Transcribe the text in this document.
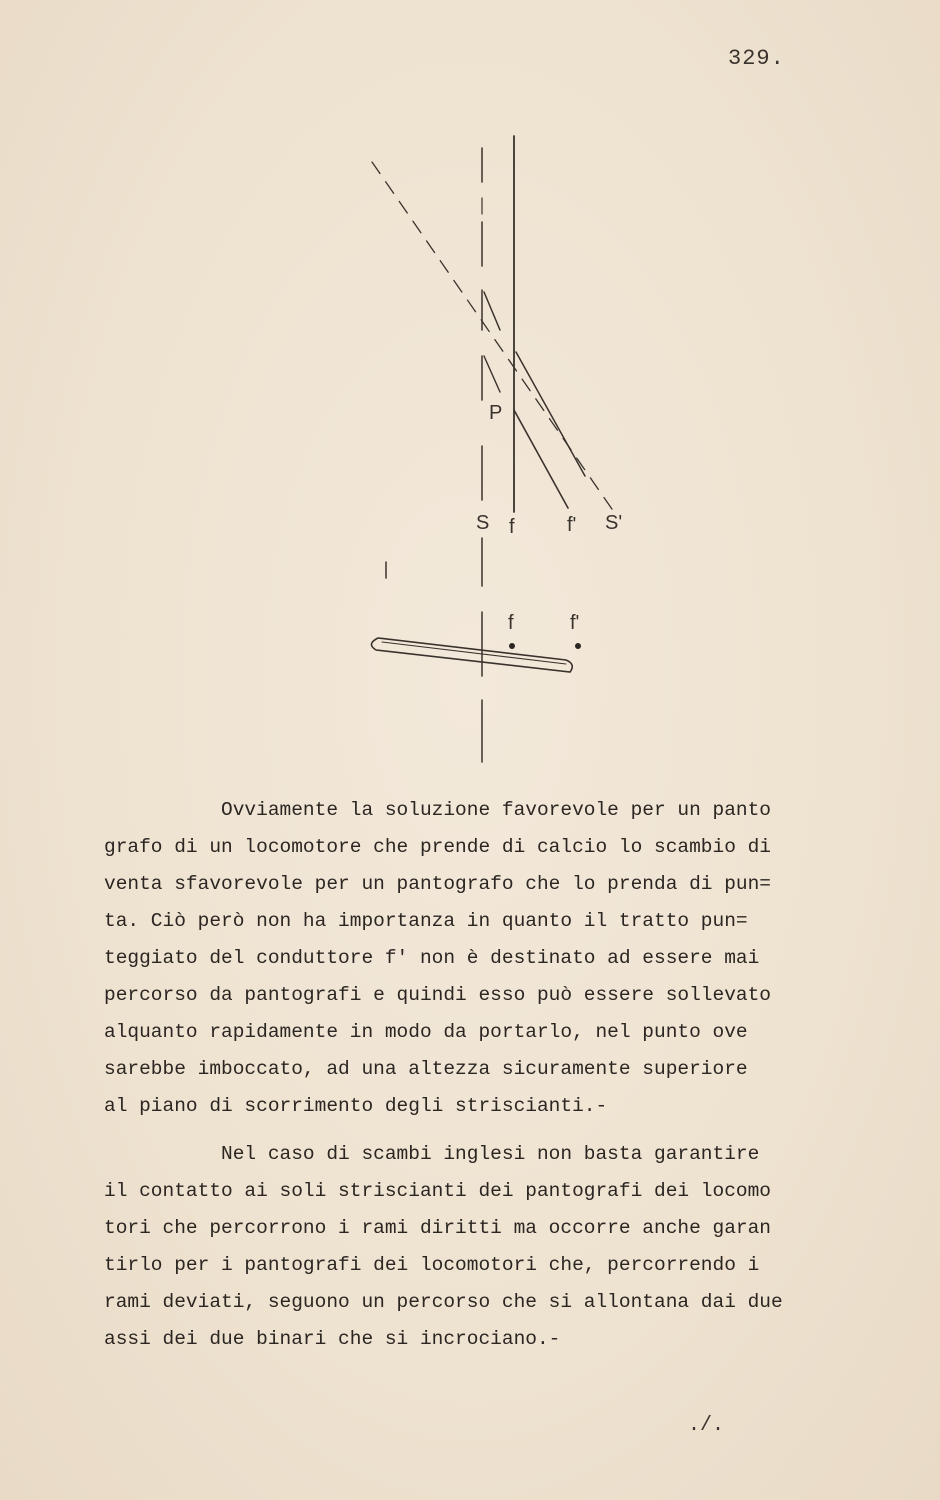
329.
P
S f	f' S'
f	f'
Ovviamente la soluzione favorevole per un panto
grafo di un locomotore che prende di calcio lo scambio di
venta sfavorevole per un pantografo che lo prenda di pun=
ta. Ciò però non ha importanza in quanto il tratto pun=
teggiato del conduttore f' non è destinato ad essere mai
percorso da pantografi e quindi esso può essere sollevato
alquanto rapidamente in modo da portarlo, nel punto ove
sarebbe imboccato, ad una altezza sicuramente superiore
al piano di scorrimento degli striscianti.-
Nel caso di scambi inglesi non basta garantire
il contatto ai soli striscianti dei pantografi dei locomo
tori che percorrono i rami diritti ma occorre anche garan
tirlo per i pantografi dei locomotori che, percorrendo i
rami deviati, seguono un percorso che si allontana dai due
assi dei due binari che si incrociano.-
./.
